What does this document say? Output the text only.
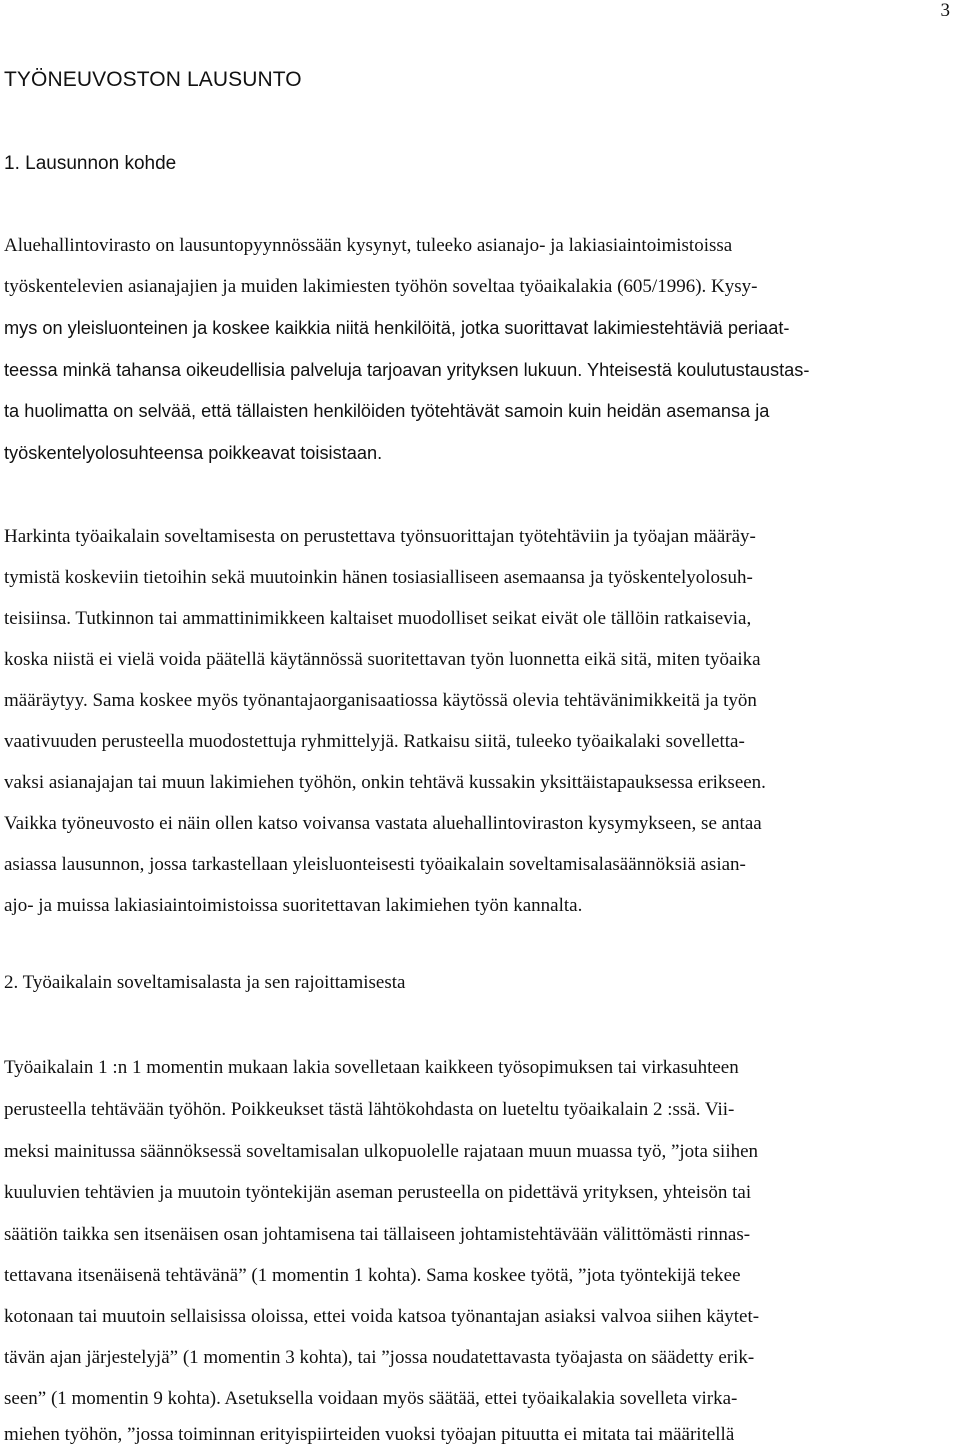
3
TYÖNEUVOSTON LAUSUNTO
1. Lausunnon kohde
Aluehallintovirasto on lausuntopyynnössään kysynyt, tuleeko asianajo- ja lakiasiaintoimistoissa
työskentelevien asianajajien ja muiden lakimiesten työhön soveltaa työaikalakia (605/1996). Kysy-
mys on yleisluonteinen ja koskee kaikkia niitä henkilöitä, jotka suorittavat lakimiestehtäviä periaat-
teessa minkä tahansa oikeudellisia palveluja tarjoavan yrityksen lukuun. Yhteisestä koulutustaustas-
ta huolimatta on selvää, että tällaisten henkilöiden työtehtävät samoin kuin heidän asemansa ja
työskentelyolosuhteensa poikkeavat toisistaan.
Harkinta työaikalain soveltamisesta on perustettava työnsuorittajan työtehtäviin ja työajan määräy-
tymistä koskeviin tietoihin sekä muutoinkin hänen tosiasialliseen asemaansa ja työskentelyolosuh-
teisiinsa. Tutkinnon tai ammattinimikkeen kaltaiset muodolliset seikat eivät ole tällöin ratkaisevia,
koska niistä ei vielä voida päätellä käytännössä suoritettavan työn luonnetta eikä sitä, miten työaika
määräytyy. Sama koskee myös työnantajaorganisaatiossa käytössä olevia tehtävänimikkeitä ja työn
vaativuuden perusteella muodostettuja ryhmittelyjä. Ratkaisu siitä, tuleeko työaikalaki sovelletta-
vaksi asianajajan tai muun lakimiehen työhön, onkin tehtävä kussakin yksittäistapauksessa erikseen.
Vaikka työneuvosto ei näin ollen katso voivansa vastata aluehallintoviraston kysymykseen, se antaa
asiassa lausunnon, jossa tarkastellaan yleisluonteisesti työaikalain soveltamisalasäännöksiä asian-
ajo- ja muissa lakiasiaintoimistoissa suoritettavan lakimiehen työn kannalta.
2. Työaikalain soveltamisalasta ja sen rajoittamisesta
Työaikalain 1 :n 1 momentin mukaan lakia sovelletaan kaikkeen työsopimuksen tai virkasuhteen
perusteella tehtävään työhön. Poikkeukset tästä lähtökohdasta on lueteltu työaikalain 2 :ssä. Vii-
meksi mainitussa säännöksessä soveltamisalan ulkopuolelle rajataan muun muassa työ, ”jota siihen
kuuluvien tehtävien ja muutoin työntekijän aseman perusteella on pidettävä yrityksen, yhteisön tai
säätiön taikka sen itsenäisen osan johtamisena tai tällaiseen johtamistehtävään välittömästi rinnas-
tettavana itsenäisenä tehtävänä” (1 momentin 1 kohta). Sama koskee työtä, ”jota työntekijä tekee
kotonaan tai muutoin sellaisissa oloissa, ettei voida katsoa työnantajan asiaksi valvoa siihen käytet-
tävän ajan järjestelyjä” (1 momentin 3 kohta), tai ”jossa noudatettavasta työajasta on säädetty erik-
seen” (1 momentin 9 kohta). Asetuksella voidaan myös säätää, ettei työaikalakia sovelleta virka-
miehen työhön, ”jossa toiminnan erityispiirteiden vuoksi työajan pituutta ei mitata tai määritellä
